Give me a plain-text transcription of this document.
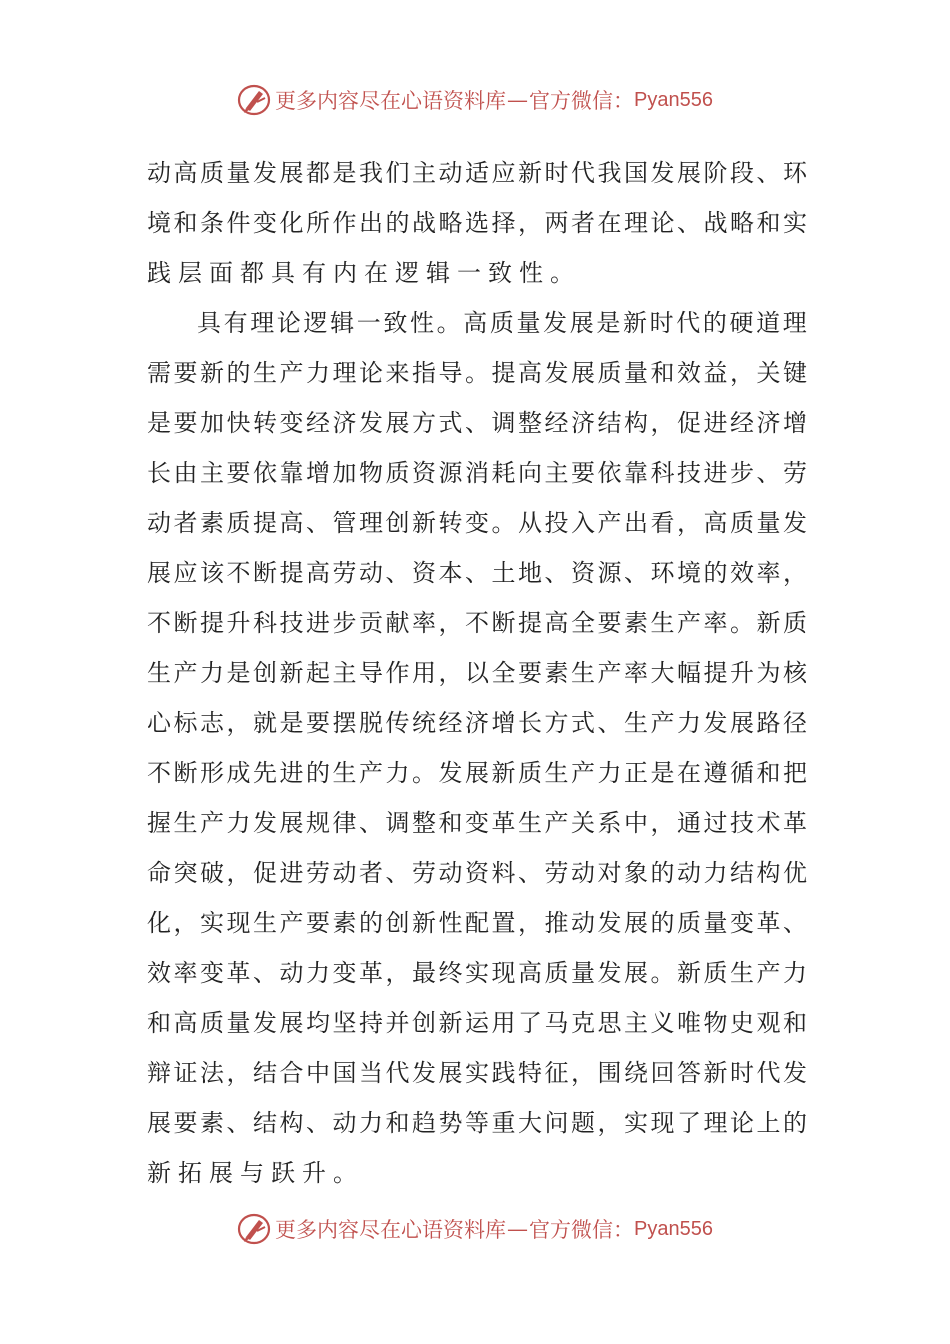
更多内容尽在心语资料库 — 官方微信： Pyan556
动 高 质 量 发 展 都 是 我 们 主 动 适 应 新 时 代 我 国 发 展 阶 段 、 环
境 和 条 件 变 化 所 作 出 的 战 略 选 择 ， 两 者 在 理 论 、 战 略 和 实
践 层 面 都 具 有 内 在 逻 辑 一 致 性 。
具 有 理 论 逻 辑 一 致 性 。 高 质 量 发 展 是 新 时 代 的 硬 道 理
需 要 新 的 生 产 力 理 论 来 指 导 。 提 高 发 展 质 量 和 效 益 ， 关 键
是 要 加 快 转 变 经 济 发 展 方 式 、 调 整 经 济 结 构 ， 促 进 经 济 增
长 由 主 要 依 靠 增 加 物 质 资 源 消 耗 向 主 要 依 靠 科 技 进 步 、 劳
动 者 素 质 提 高 、 管 理 创 新 转 变 。 从 投 入 产 出 看 ， 高 质 量 发
展 应 该 不 断 提 高 劳 动 、 资 本 、 土 地 、 资 源 、 环 境 的 效 率 ，
不 断 提 升 科 技 进 步 贡 献 率 ， 不 断 提 高 全 要 素 生 产 率 。 新 质
生 产 力 是 创 新 起 主 导 作 用 ， 以 全 要 素 生 产 率 大 幅 提 升 为 核
心 标 志 ， 就 是 要 摆 脱 传 统 经 济 增 长 方 式 、 生 产 力 发 展 路 径
不 断 形 成 先 进 的 生 产 力 。 发 展 新 质 生 产 力 正 是 在 遵 循 和 把
握 生 产 力 发 展 规 律 、 调 整 和 变 革 生 产 关 系 中 ， 通 过 技 术 革
命 突 破 ， 促 进 劳 动 者 、 劳 动 资 料 、 劳 动 对 象 的 动 力 结 构 优
化 ， 实 现 生 产 要 素 的 创 新 性 配 置 ， 推 动 发 展 的 质 量 变 革 、
效 率 变 革 、 动 力 变 革 ， 最 终 实 现 高 质 量 发 展 。 新 质 生 产 力
和 高 质 量 发 展 均 坚 持 并 创 新 运 用 了 马 克 思 主 义 唯 物 史 观 和
辩 证 法 ， 结 合 中 国 当 代 发 展 实 践 特 征 ， 围 绕 回 答 新 时 代 发
展 要 素 、 结 构 、 动 力 和 趋 势 等 重 大 问 题 ， 实 现 了 理 论 上 的
新 拓 展 与 跃 升 。
更多内容尽在心语资料库 — 官方微信： Pyan556
